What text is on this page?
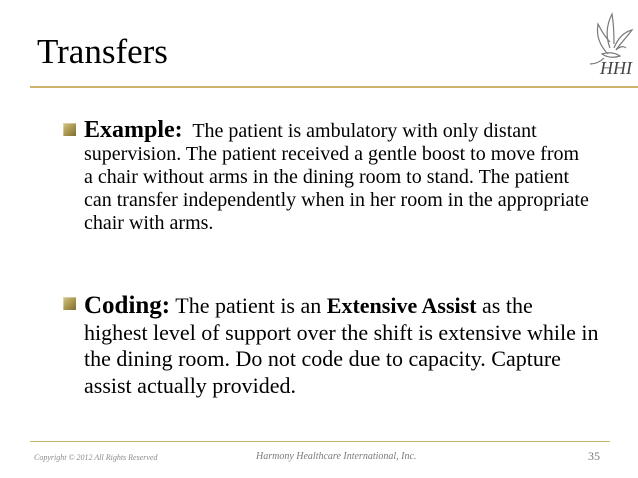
Transfers	HHI
Example: The patient is ambulatory with only distant supervision. The patient received a gentle boost to move from a chair without arms in the dining room to stand. The patient can transfer independently when in her room in the appropriate chair with arms.
Coding: The patient is an Extensive Assist as the highest level of support over the shift is extensive while in the dining room. Do not code due to capacity. Capture assist actually provided.
Copyright © 2012 All Rights Reserved	Harmony Healthcare International, Inc.	35
